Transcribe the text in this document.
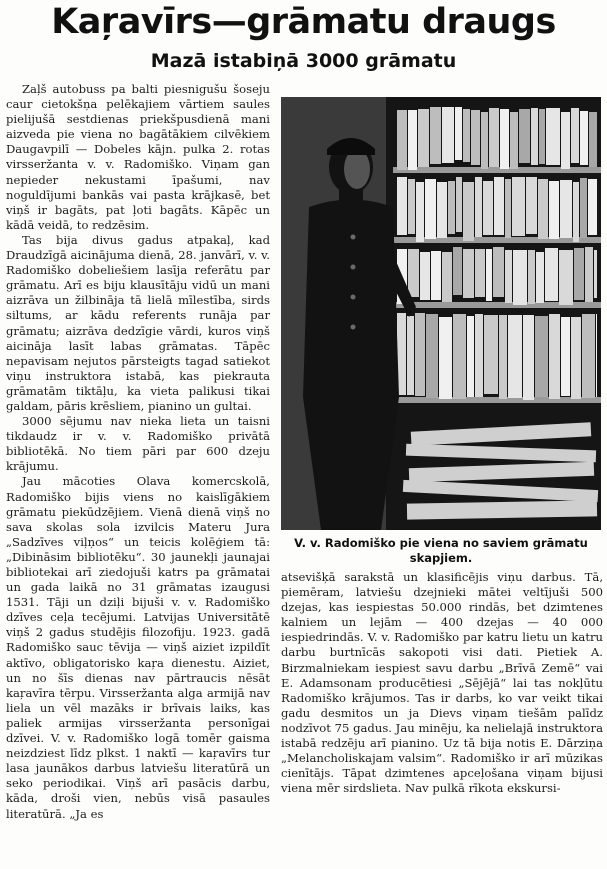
Kaŗavīrs—grāmatu draugs
Mazā istabiņā 3000 grāmatu

Zaļš autobuss pa balti piesnigušu šoseju caur cietokšņa pelēkajiem vārtiem saules pielijušā sestdienas priekšpusdienā mani aizveda pie viena no bagātākiem cilvēkiem Daugavpilī — Dobeles kājn. pulka 2. rotas virsseržanta v. v. Radomiško. Viņam gan nepieder nekustami īpašumi, nav noguldījumi bankās vai pasta krājkasē, bet viņš ir bagāts, pat ļoti bagāts. Kāpēc un kādā veidā, to redzēsim.

Tas bija divus gadus atpakaļ, kad Draudzīgā aicinājuma dienā, 28. janvārī, v. v. Radomiško dobeliešiem lasīja referātu par grāmatu. Arī es biju klausītāju vidū un mani aizrāva un žilbināja tā lielā mīlestība, sirds siltums, ar kādu referents runāja par grāmatu; aizrāva dedzīgie vārdi, kuros viņš aicināja lasīt labas grāmatas. Tāpēc nepavisam nejutos pārsteigts tagad satiekot viņu instruktora istabā, kas piekrauta grāmatām tiktāļu, ka vieta palikusi tikai galdam, pāris krēsliem, pianino un gultai.

3000 sējumu nav nieka lieta un taisni tikdaudz ir v. v. Radomiško privātā bibliotēkā. No tiem pāri par 600 dzeju krājumu.

Jau mācoties Olava komercskolā, Radomiško bijis viens no kaislīgākiem grāmatu piekūdzējiem. Vienā dienā viņš no sava skolas sola izvilcis Materu Jura „Sadzīves viļņos“ un teicis kolēģiem tā: „Dibināsim bibliotēku“. 30 jaunekļi jaunajai bibliotekai arī ziedojuši katrs pa grāmatai un gada laikā no 31 grāmatas izaugusi 1531. Tāji un dziļi bijuši v. v. Radomiško dzīves ceļa tecējumi. Latvijas Universitātē viņš 2 gadus studējis filozofiju. 1923. gadā Radomiško sauc tēvija — viņš aiziet izpildīt aktīvo, obligatorisko kaŗa dienestu. Aiziet, un no šīs dienas nav pārtraucis nēsāt kaŗavīra tērpu. Virsseržanta alga armijā nav liela un vēl mazāks ir brīvais laiks, kas paliek armijas virsseržanta personīgai dzīvei. V. v. Radomiško logā tomēr gaisma neizdziest līdz plkst. 1 naktī — kaŗavīrs tur lasa jaunākos darbus latviešu literatūrā un seko periodikai. Viņš arī pasācis darbu, kāda, droši vien, nebūs visā pasaules literatūrā. „Ja es

V. v. Radomiško pie viena no saviem grāmatu skapjiem.

atsevišķā sarakstā un klasificējis viņu darbus. Tā, piemēram, latviešu dzejnieki mātei veltījuši 500 dzejas, kas iespiestas 50.000 rindās, bet dzimtenes kalniem un lejām — 400 dzejas — 40 000 iespiedrindās. V. v. Radomiško par katru lietu un katru darbu burtnīcās sakopoti visi dati. Pietiek A. Birzmalniekam iespiest savu darbu „Brīvā Zemē“ vai E. Adamsonam producētiesi „Sējējā“ lai tas nokļūtu Radomiško krājumos. Tas ir darbs, ko var veikt tikai gadu desmitos un ja Dievs viņam tiešām palīdz nodzīvot 75 gadus. Jau minēju, ka nelielajā instruktora istabā redzēju arī pianino. Uz tā bija notis E. Dārziņa „Melancholiskajam valsim“. Radomiško ir arī mūzikas cienītājs. Tāpat dzimtenes apceļošana viņam bijusi viena mēr sirdslieta. Nav pulkā rīkota ekskursi-
